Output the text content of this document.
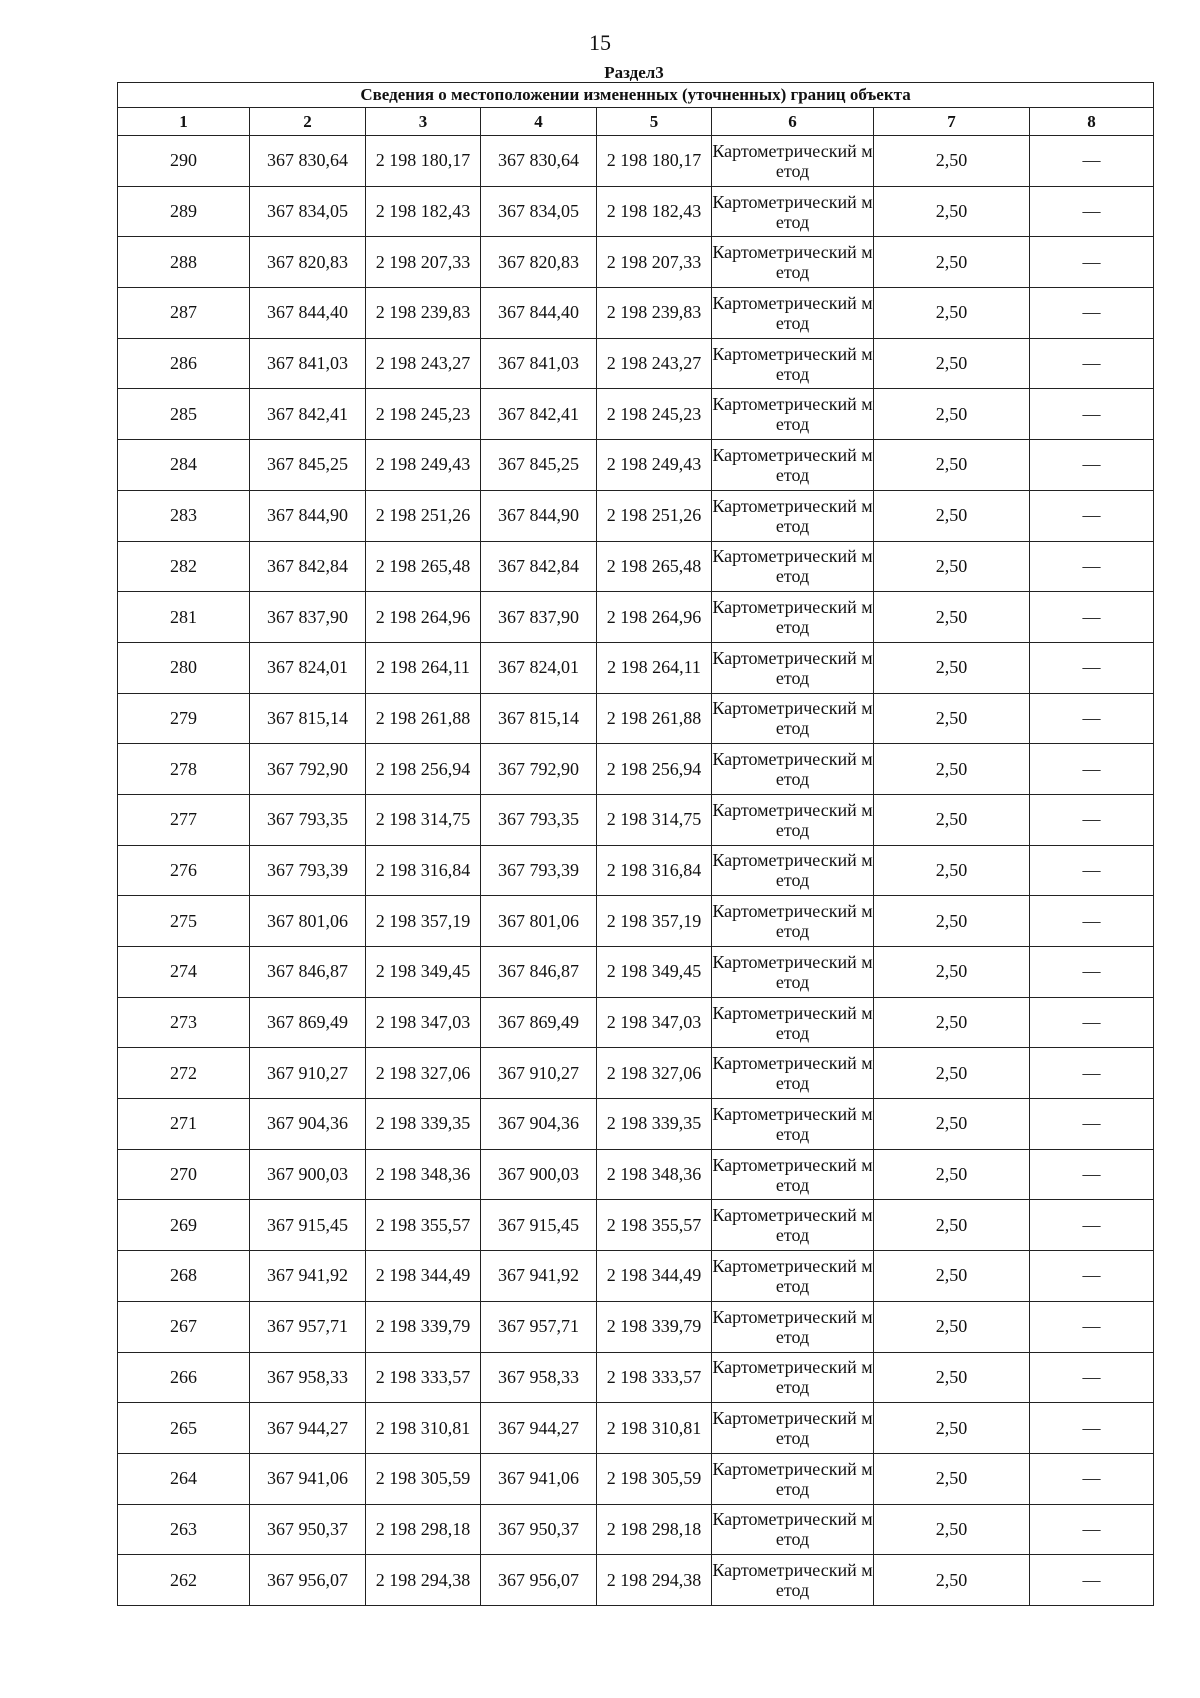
15
Раздел3
Сведения о местоположении измененных (уточненных) границ объекта							
1	2	3	4	5	6	7	8
290	367 830,64	2 198 180,17	367 830,64	2 198 180,17	Картометрический метод	2,50	—
289	367 834,05	2 198 182,43	367 834,05	2 198 182,43	Картометрический метод	2,50	—
288	367 820,83	2 198 207,33	367 820,83	2 198 207,33	Картометрический метод	2,50	—
287	367 844,40	2 198 239,83	367 844,40	2 198 239,83	Картометрический метод	2,50	—
286	367 841,03	2 198 243,27	367 841,03	2 198 243,27	Картометрический метод	2,50	—
285	367 842,41	2 198 245,23	367 842,41	2 198 245,23	Картометрический метод	2,50	—
284	367 845,25	2 198 249,43	367 845,25	2 198 249,43	Картометрический метод	2,50	—
283	367 844,90	2 198 251,26	367 844,90	2 198 251,26	Картометрический метод	2,50	—
282	367 842,84	2 198 265,48	367 842,84	2 198 265,48	Картометрический метод	2,50	—
281	367 837,90	2 198 264,96	367 837,90	2 198 264,96	Картометрический метод	2,50	—
280	367 824,01	2 198 264,11	367 824,01	2 198 264,11	Картометрический метод	2,50	—
279	367 815,14	2 198 261,88	367 815,14	2 198 261,88	Картометрический метод	2,50	—
278	367 792,90	2 198 256,94	367 792,90	2 198 256,94	Картометрический метод	2,50	—
277	367 793,35	2 198 314,75	367 793,35	2 198 314,75	Картометрический метод	2,50	—
276	367 793,39	2 198 316,84	367 793,39	2 198 316,84	Картометрический метод	2,50	—
275	367 801,06	2 198 357,19	367 801,06	2 198 357,19	Картометрический метод	2,50	—
274	367 846,87	2 198 349,45	367 846,87	2 198 349,45	Картометрический метод	2,50	—
273	367 869,49	2 198 347,03	367 869,49	2 198 347,03	Картометрический метод	2,50	—
272	367 910,27	2 198 327,06	367 910,27	2 198 327,06	Картометрический метод	2,50	—
271	367 904,36	2 198 339,35	367 904,36	2 198 339,35	Картометрический метод	2,50	—
270	367 900,03	2 198 348,36	367 900,03	2 198 348,36	Картометрический метод	2,50	—
269	367 915,45	2 198 355,57	367 915,45	2 198 355,57	Картометрический метод	2,50	—
268	367 941,92	2 198 344,49	367 941,92	2 198 344,49	Картометрический метод	2,50	—
267	367 957,71	2 198 339,79	367 957,71	2 198 339,79	Картометрический метод	2,50	—
266	367 958,33	2 198 333,57	367 958,33	2 198 333,57	Картометрический метод	2,50	—
265	367 944,27	2 198 310,81	367 944,27	2 198 310,81	Картометрический метод	2,50	—
264	367 941,06	2 198 305,59	367 941,06	2 198 305,59	Картометрический метод	2,50	—
263	367 950,37	2 198 298,18	367 950,37	2 198 298,18	Картометрический метод	2,50	—
262	367 956,07	2 198 294,38	367 956,07	2 198 294,38	Картометрический метод	2,50	—
